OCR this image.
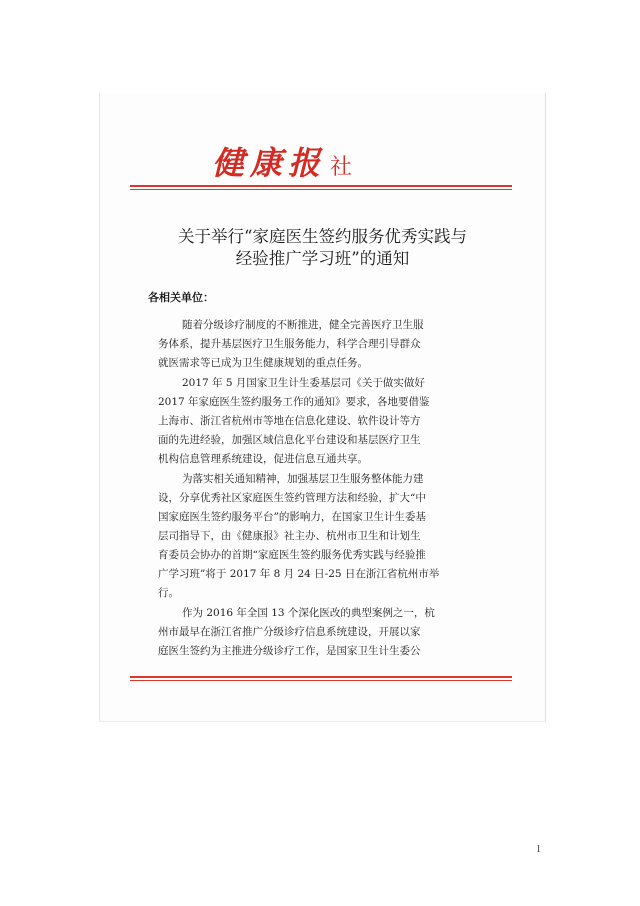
健康报 社
关于举行“家庭医生签约服务优秀实践与
经验推广学习班”的通知
各相关单位：
随着分级诊疗制度的不断推进，健全完善医疗卫生服
务体系，提升基层医疗卫生服务能力，科学合理引导群众
就医需求等已成为卫生健康规划的重点任务。
2017 年 5 月国家卫生计生委基层司《关于做实做好
2017 年家庭医生签约服务工作的通知》要求，各地要借鉴
上海市、浙江省杭州市等地在信息化建设、软件设计等方
面的先进经验，加强区域信息化平台建设和基层医疗卫生
机构信息管理系统建设，促进信息互通共享。
为落实相关通知精神，加强基层卫生服务整体能力建
设，分享优秀社区家庭医生签约管理方法和经验，扩大“中
国家庭医生签约服务平台”的影响力，在国家卫生计生委基
层司指导下，由《健康报》社主办、杭州市卫生和计划生
育委员会协办的首期“家庭医生签约服务优秀实践与经验推
广学习班”将于 2017 年 8 月 24 日-25 日在浙江省杭州市举
行。
作为 2016 年全国 13 个深化医改的典型案例之一，杭
州市最早在浙江省推广分级诊疗信息系统建设，开展以家
庭医生签约为主推进分级诊疗工作，是国家卫生计生委公
1
